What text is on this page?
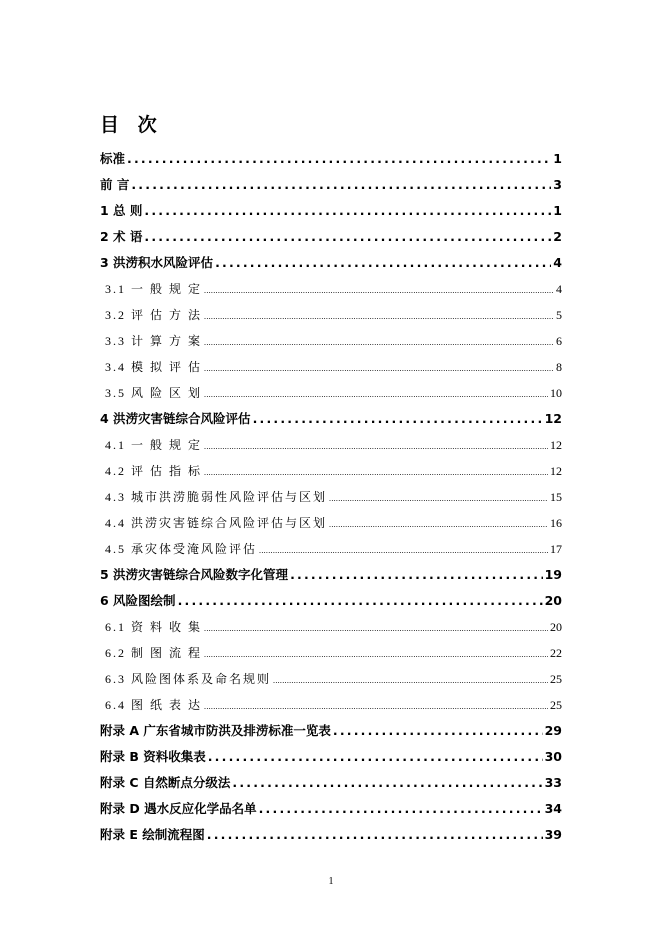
目 次
标准 .....	1
前 言 .....	3
1 总 则 .....	1
2 术 语 .....	2
3 洪涝积水风险评估 .....	4
3.1 一 般 规 定 .....	4
3.2 评 估 方 法 .....	5
3.3 计 算 方 案 .....	6
3.4 模 拟 评 估 .....	8
3.5 风 险 区 划 .....	10
4 洪涝灾害链综合风险评估 .....	12
4.1 一 般 规 定 .....	12
4.2 评 估 指 标 .....	12
4.3 城市洪涝脆弱性风险评估与区划 .....	15
4.4 洪涝灾害链综合风险评估与区划 .....	16
4.5 承灾体受淹风险评估 .....	17
5 洪涝灾害链综合风险数字化管理 .....	19
6 风险图绘制 .....	20
6.1 资 料 收 集 .....	20
6.2 制 图 流 程 .....	22
6.3 风险图体系及命名规则 .....	25
6.4 图 纸 表 达 .....	25
附录 A 广东省城市防洪及排涝标准一览表 .....	29
附录 B 资料收集表 .....	30
附录 C 自然断点分级法 .....	33
附录 D 遇水反应化学品名单 .....	34
附录 E 绘制流程图 .....	39
1
